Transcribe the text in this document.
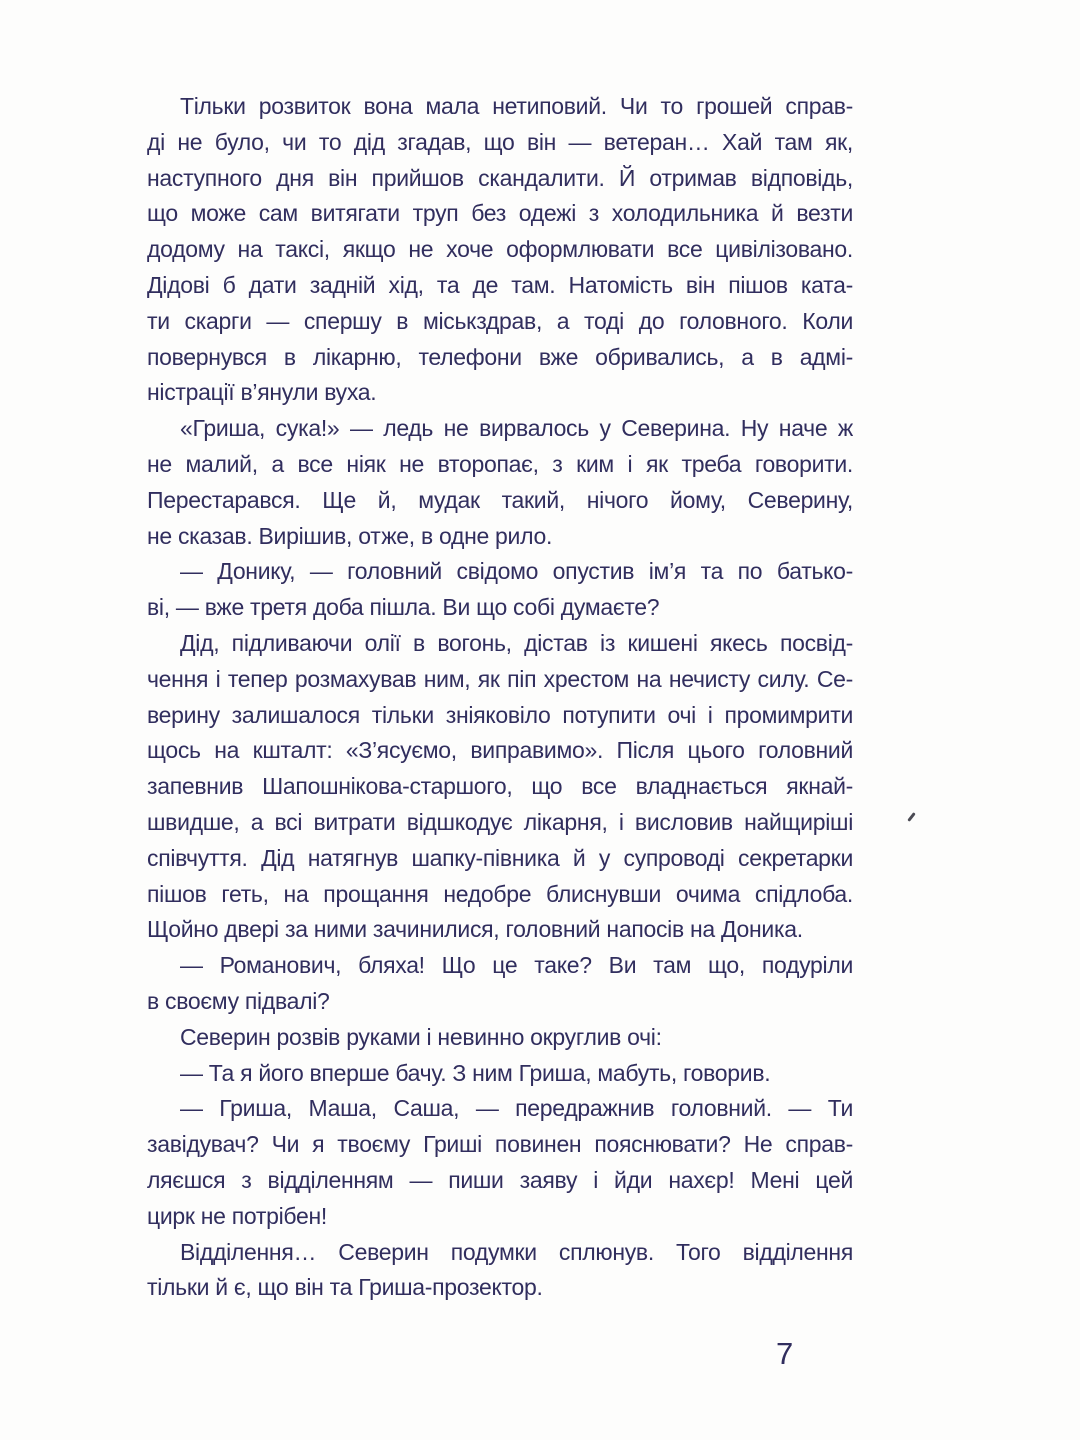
Тільки розвиток вона мала нетиповий. Чи то грошей справ-
ді не було, чи то дід згадав, що він — ветеран… Хай там як,
наступного дня він прийшов скандалити. Й отримав відповідь,
що може сам витягати труп без одежі з холодильника й везти
додому на таксі, якщо не хоче оформлювати все цивілізовано.
Дідові б дати задній хід, та де там. Натомість він пішов ката-
ти скарги — спершу в міськздрав, а тоді до головного. Коли
повернувся в лікарню, телефони вже обривались, а в адмі-
ністрації в’янули вуха.
«Гриша, сука!» — ледь не вирвалось у Северина. Ну наче ж
не малий, а все ніяк не второпає, з ким і як треба говорити.
Перестарався. Ще й, мудак такий, нічого йому, Северину,
не сказав. Вирішив, отже, в одне рило.
— Донику, — головний свідомо опустив ім’я та по батько-
ві, — вже третя доба пішла. Ви що собі думаєте?
Дід, підливаючи олії в вогонь, дістав із кишені якесь посвід-
чення і тепер розмахував ним, як піп хрестом на нечисту силу. Се-
верину залишалося тільки зніяковіло потупити очі і промимрити
щось на кшталт: «З’ясуємо, виправимо». Після цього головний
запевнив Шапошнікова-старшого, що все владнається якнай-
швидше, а всі витрати відшкодує лікарня, і висловив найщиріші
співчуття. Дід натягнув шапку-півника й у супроводі секретарки
пішов геть, на прощання недобре блиснувши очима спідлоба.
Щойно двері за ними зачинилися, головний напосів на Доника.
— Романович, бляха! Що це таке? Ви там що, подуріли
в своєму підвалі?
Северин розвів руками і невинно округлив очі:
— Та я його вперше бачу. З ним Гриша, мабуть, говорив.
— Гриша, Маша, Саша, — передражнив головний. — Ти
завідувач? Чи я твоєму Гриші повинен пояснювати? Не справ-
ляєшся з відділенням — пиши заяву і йди нахєр! Мені цей
цирк не потрібен!
Відділення… Северин подумки сплюнув. Того відділення
тільки й є, що він та Гриша-прозектор.
7
